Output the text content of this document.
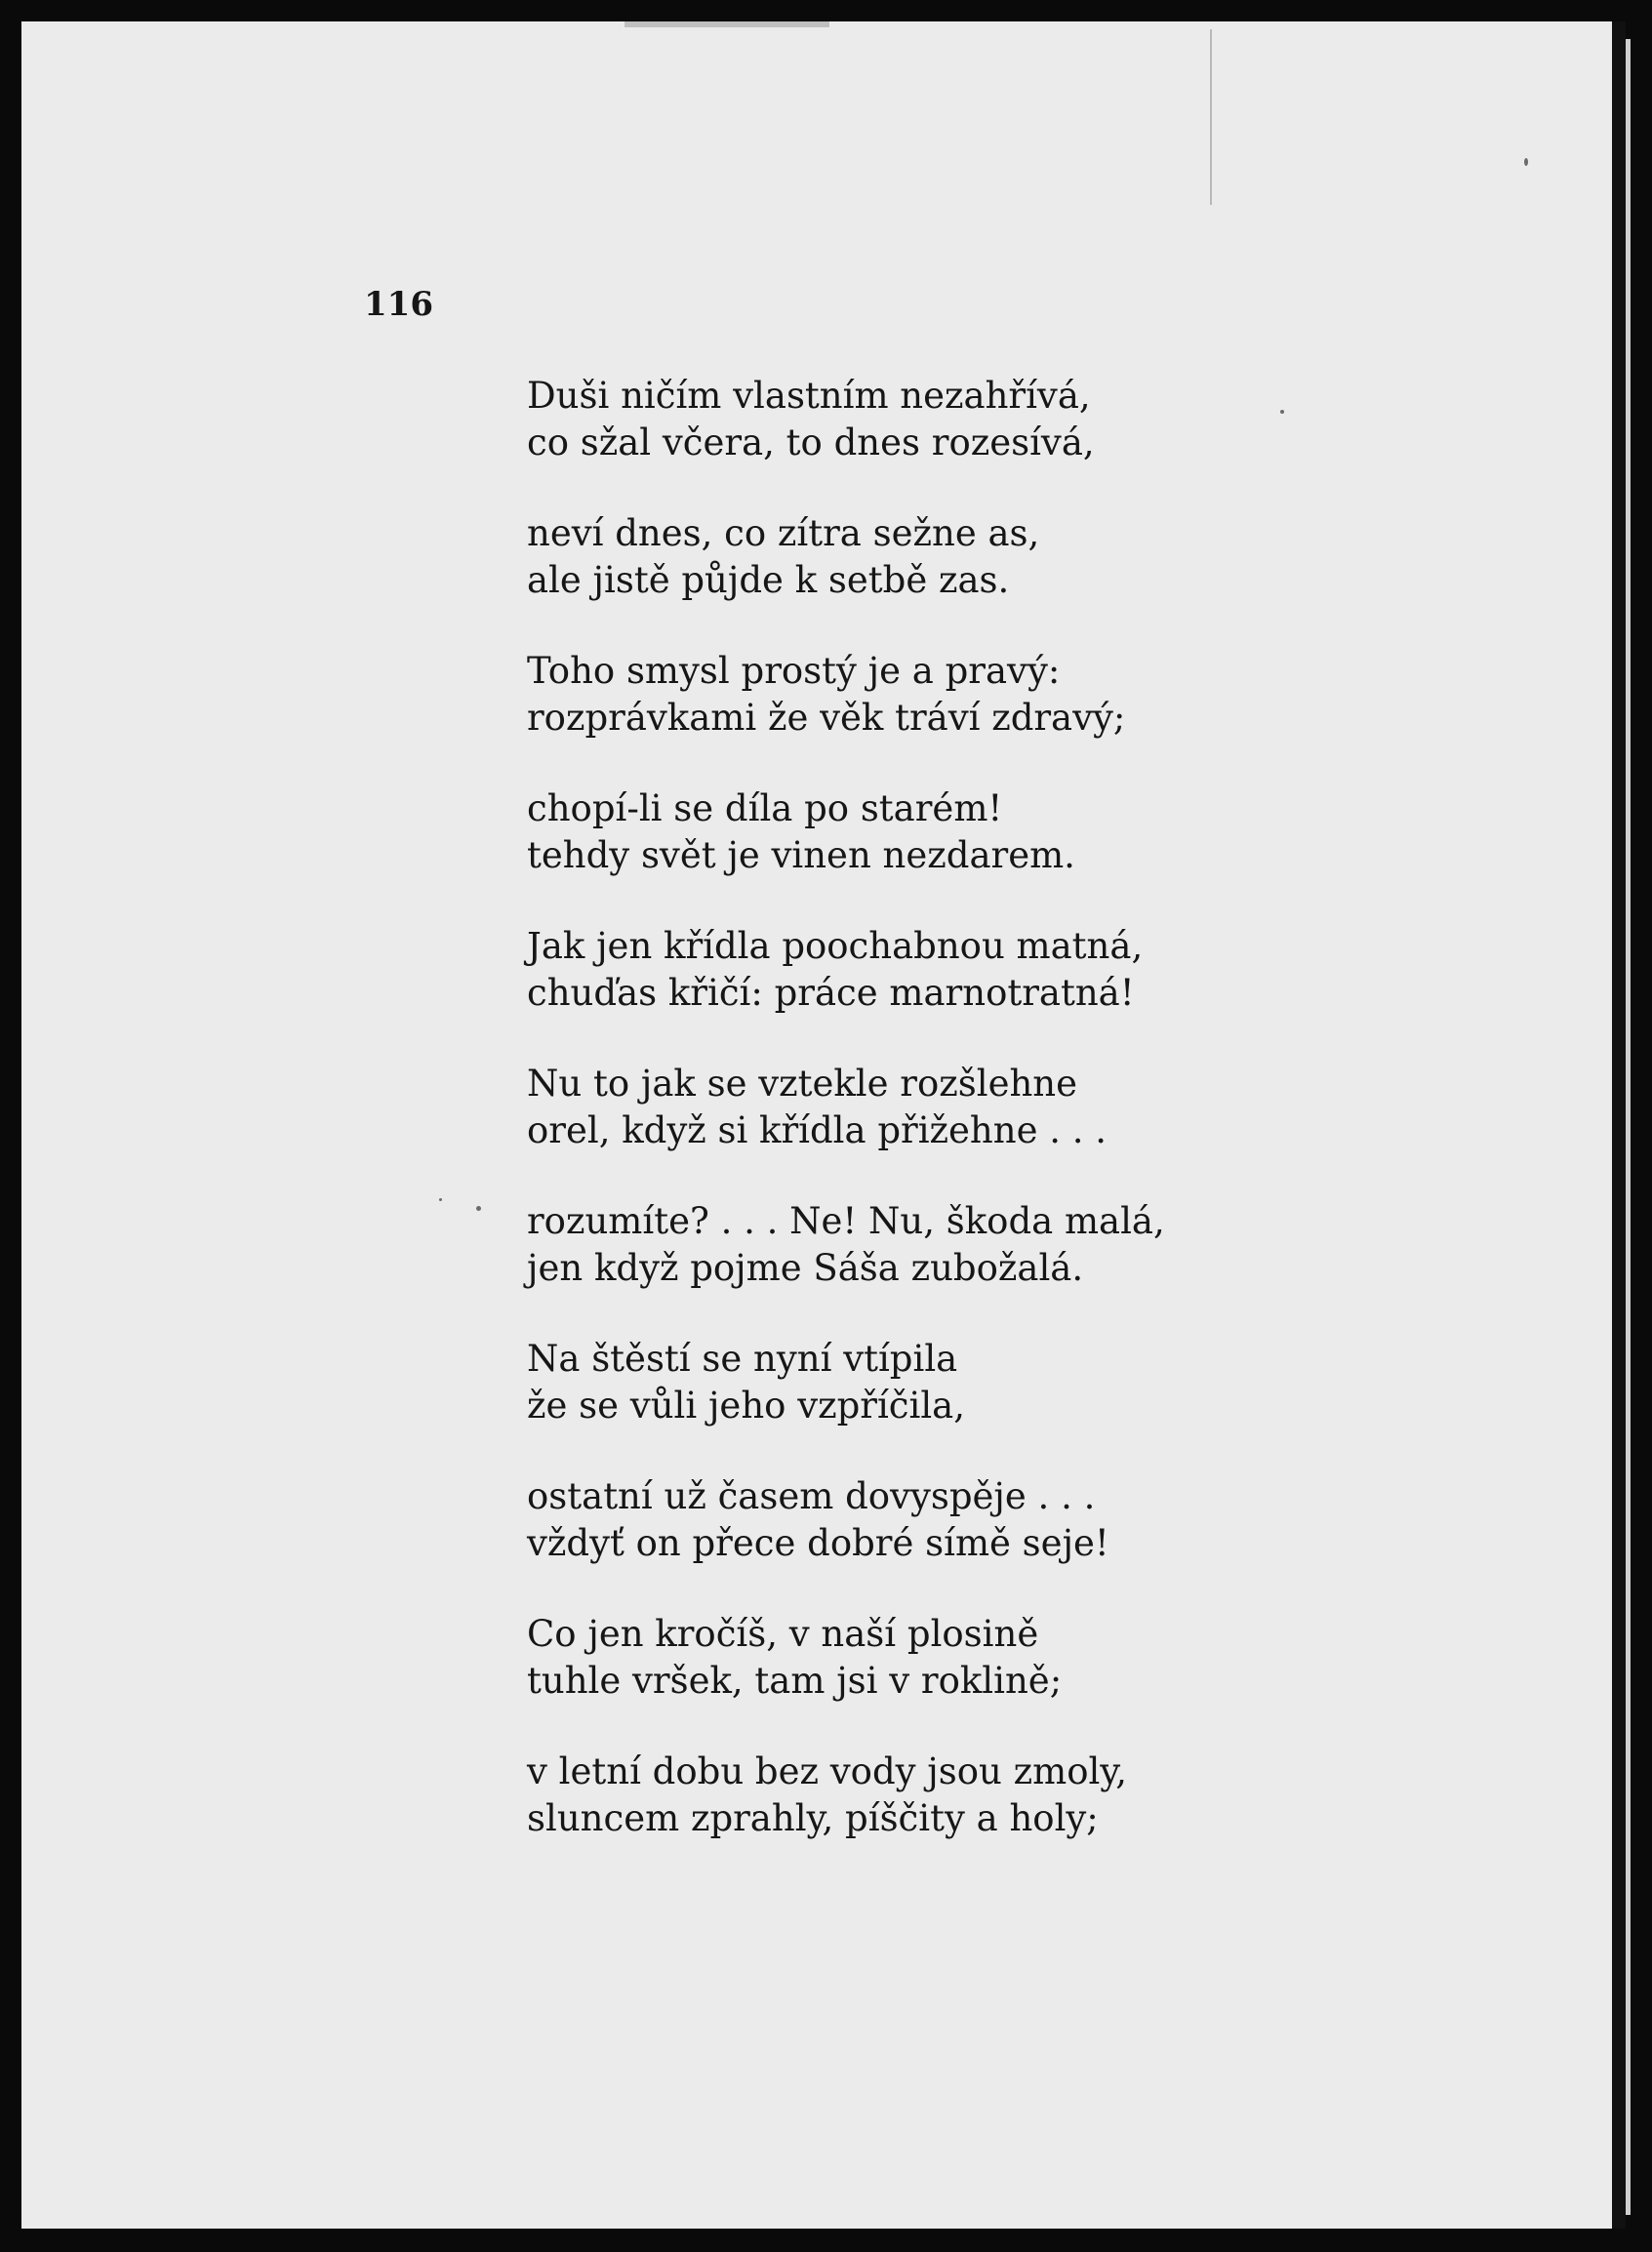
116

Duši ničím vlastním nezahřívá,
co sžal včera, to dnes rozesívá,
neví dnes, co zítra sežne as,
ale jistě půjde k setbě zas.
Toho smysl prostý je a pravý:
rozprávkami že věk tráví zdravý;
chopí-li se díla po starém!
tehdy svět je vinen nezdarem.
Jak jen křídla poochabnou matná,
chuďas křičí: práce marnotratná!
Nu to jak se vztekle rozšlehne
orel, když si křídla přižehne . . .
rozumíte? . . . Ne! Nu, škoda malá,
jen když pojme Sáša zubožalá.
Na štěstí se nyní vtípila
že se vůli jeho vzpříčila,
ostatní už časem dovyspěje . . .
vždyť on přece dobré símě seje!
Co jen kročíš, v naší plosině
tuhle vršek, tam jsi v roklině;
v letní dobu bez vody jsou zmoly,
sluncem zprahly, píščity a holy;
